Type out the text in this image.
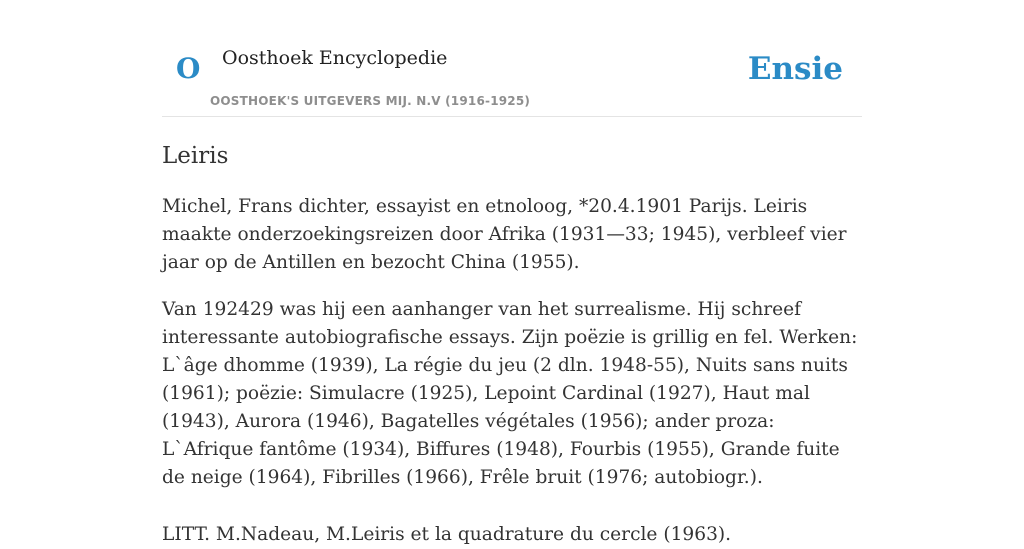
O Oosthoek Encyclopedie
OOSTHOEK'S UITGEVERS MIJ. N.V (1916-1925)
Ensie
Leiris

Michel, Frans dichter, essayist en etnoloog, *20.4.1901 Parijs. Leiris maakte onderzoekingsreizen door Afrika (1931—33; 1945), verbleef vier jaar op de Antillen en bezocht China (1955).

Van 192429 was hij een aanhanger van het surrealisme. Hij schreef interessante autobiografische essays. Zijn poëzie is grillig en fel. Werken: L`âge dhomme (1939), La régie du jeu (2 dln. 1948-55), Nuits sans nuits (1961); poëzie: Simulacre (1925), Lepoint Cardinal (1927), Haut mal (1943), Aurora (1946), Bagatelles végétales (1956); ander proza: L`Afrique fantôme (1934), Biffures (1948), Fourbis (1955), Grande fuite de neige (1964), Fibrilles (1966), Frêle bruit (1976; autobiogr.).

LITT. M.Nadeau, M.Leiris et la quadrature du cercle (1963).
